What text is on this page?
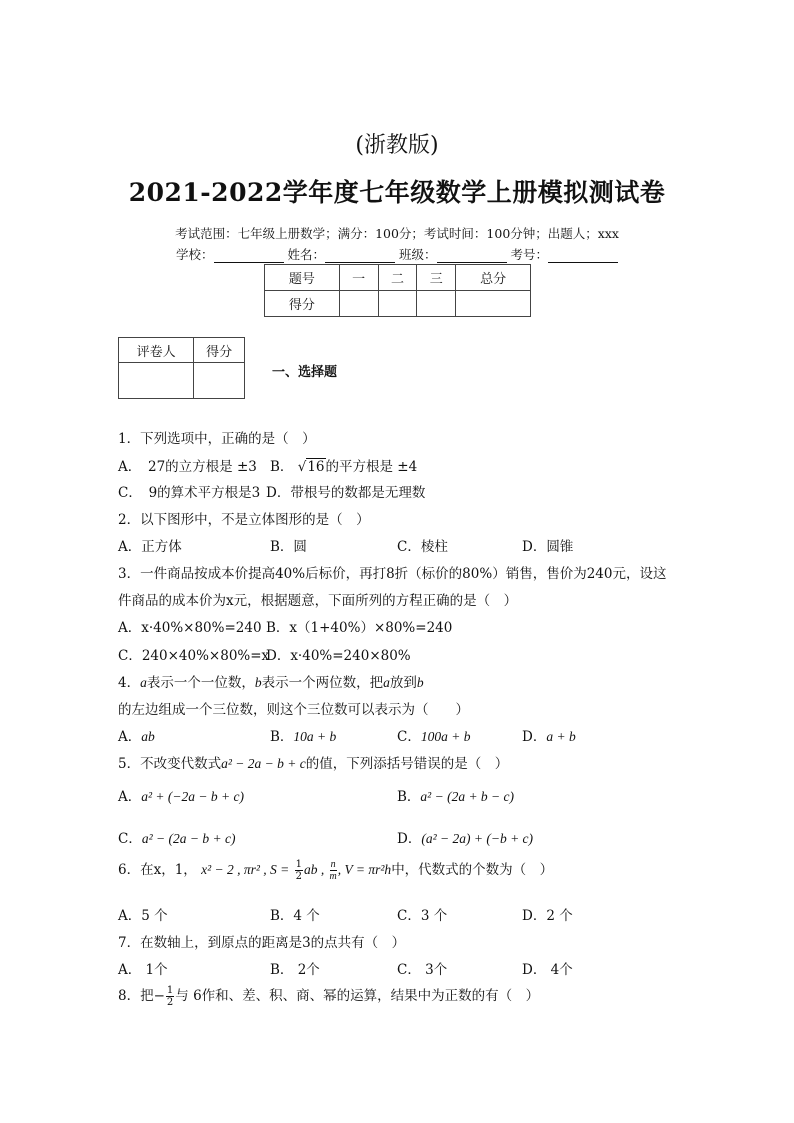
(浙教版)
2021-2022学年度七年级数学上册模拟测试卷
考试范围：七年级上册数学；满分：100分；考试时间：100分钟；出题人；xxx
学校：	姓名：	班级：	考号：
题号	一	二	三	总分
得分				
评卷人	得分

一、选择题
1．下列选项中，正确的是（　）
A．　27的立方根是 ±3 B． √16的平方根是 ±4
C．　9的算术平方根是3 D．带根号的数都是无理数
2．以下图形中，不是立体图形的是（　）
A．正方体	B．圆	C．棱柱	D．圆锥
3．一件商品按成本价提高40%后标价，再打8折（标价的80%）销售，售价为240元，设这
件商品的成本价为x元，根据题意，下面所列的方程正确的是（　）
A．x·40%×80%=240 B．x（1+40%）×80%=240
C．240×40%×80%=x
D．x·40%=240×80%
4．a表示一个一位数，b表示一个两位数，把a放到b
的左边组成一个三位数，则这个三位数可以表示为（　　）
A．ab	B．10a + b	C．100a + b	D．a + b
5．不改变代数式a² − 2a − b + c的值，下列添括号错误的是（　）
A．a² + (−2a − b + c)	B．a² − (2a + b − c)
C．a² − (2a − b + c)	D．(a² − 2a) + (−b + c)
6．在x，1， x² − 2 , πr² , $S = \frac{1}{2}$ ab , $\frac{n}{m}$ , V = πr²h中，代数式的个数为（　）
A．5 个	B．4 个	C．3 个	D．2 个
7．在数轴上，到原点的距离是3的点共有（　）
A． 1个	B． 2个	C． 3个	D． 4个
8．把− $\frac{1}{2}$ 与 6作和、差、积、商、幂的运算，结果中为正数的有（　）
